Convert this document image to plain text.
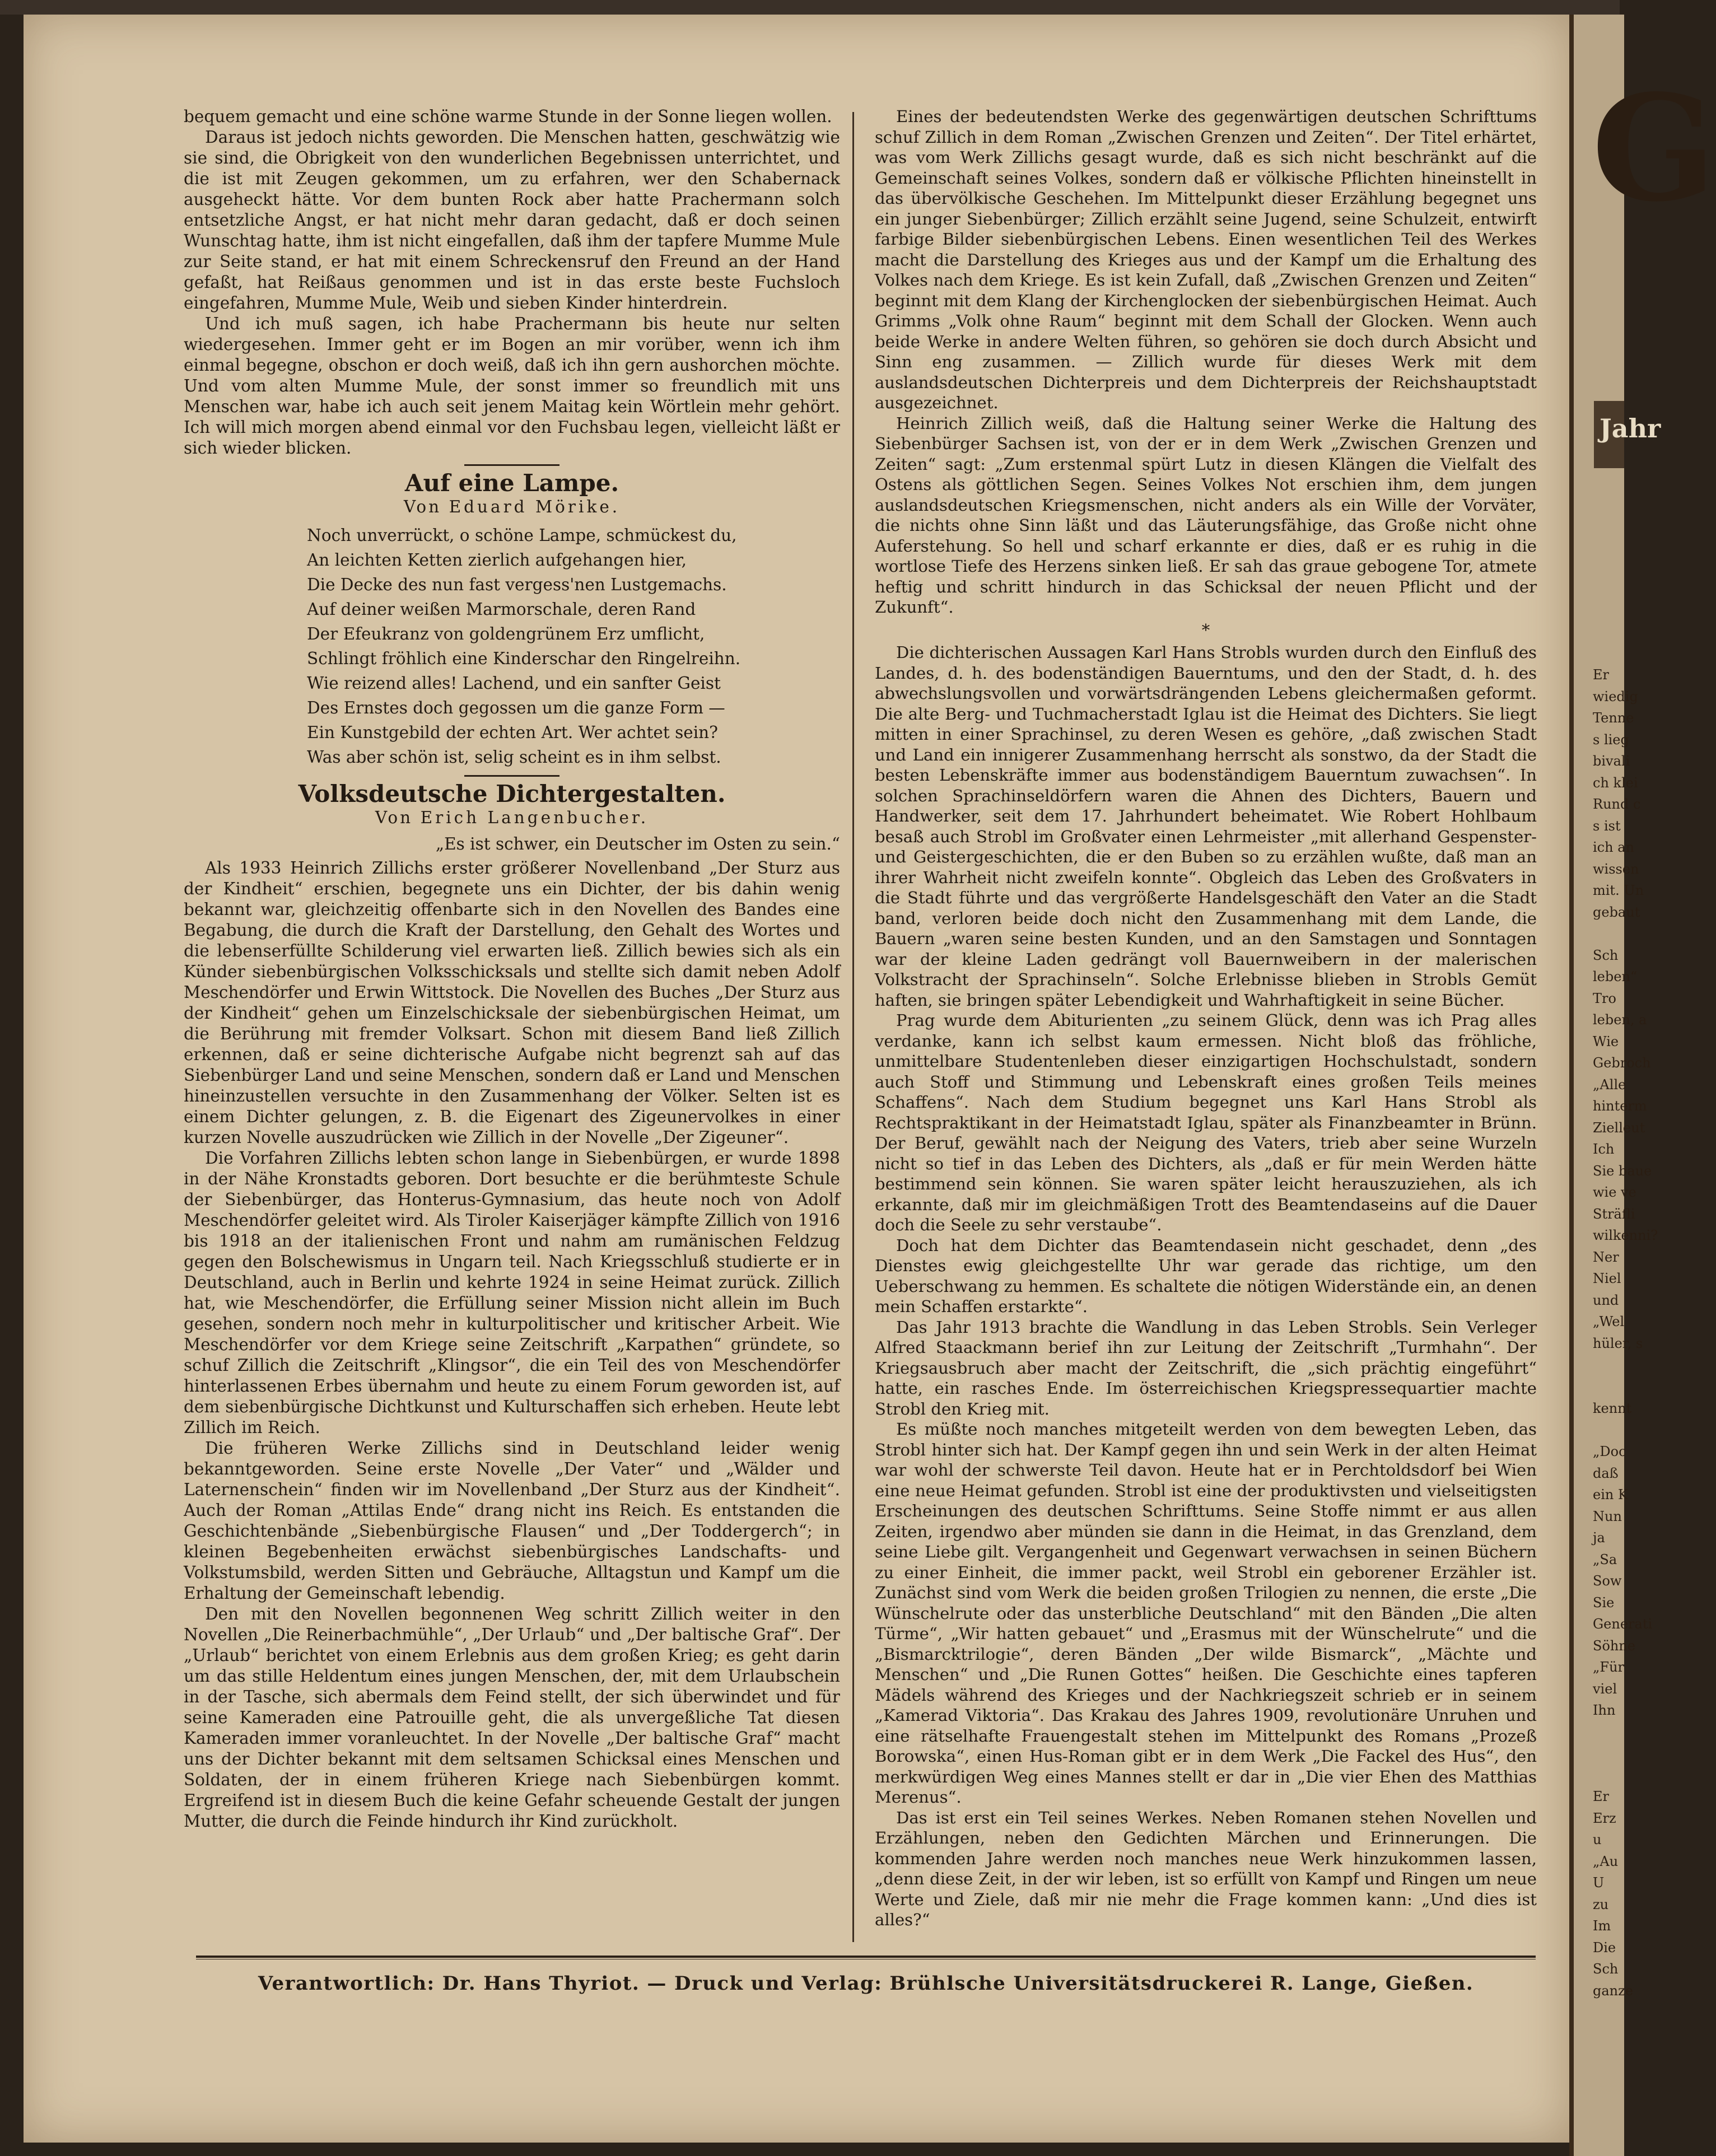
G
Jahr
Er
wiedig
Tenne
s lieg
bivali
ch klei
Rund c
s ist
ich an
wissen
mit. Un
gebaut
Sch
leben“
Tro
leben, a
Wie
Gebroch
„Alle
hinterm
Zielleut
Ich
Sie baue
wie ve
Sträfli
wilkenni?
Ner
Niel
und
„Wel
hüler, s
kennt
„Doc
daß
ein K
Nun
ja
„Sa
Sow
Sie
Generati
Söhne
„Für
viel
Ihn
Er
Erz
u
„Au
U
zu
Im
Die
Sch
ganze

bequem gemacht und eine schöne warme Stunde in der Sonne liegen wollen.

Daraus ist jedoch nichts geworden. Die Menschen hatten, geschwätzig wie sie sind, die Obrigkeit von den wunderlichen Begebnissen unterrichtet, und die ist mit Zeugen gekommen, um zu erfahren, wer den Schabernack ausgeheckt hätte. Vor dem bunten Rock aber hatte Prachermann solch entsetzliche Angst, er hat nicht mehr daran gedacht, daß er doch seinen Wunschtag hatte, ihm ist nicht eingefallen, daß ihm der tapfere Mumme Mule zur Seite stand, er hat mit einem Schreckensruf den Freund an der Hand gefaßt, hat Reißaus genommen und ist in das erste beste Fuchsloch eingefahren, Mumme Mule, Weib und sieben Kinder hinterdrein.

Und ich muß sagen, ich habe Prachermann bis heute nur selten wiedergesehen. Immer geht er im Bogen an mir vorüber, wenn ich ihm einmal begegne, obschon er doch weiß, daß ich ihn gern aushorchen möchte. Und vom alten Mumme Mule, der sonst immer so freundlich mit uns Menschen war, habe ich auch seit jenem Maitag kein Wörtlein mehr gehört. Ich will mich morgen abend einmal vor den Fuchsbau legen, vielleicht läßt er sich wieder blicken.

Auf eine Lampe.
Von Eduard Mörike.
Noch unverrückt, o schöne Lampe, schmückest du,
An leichten Ketten zierlich aufgehangen hier,
Die Decke des nun fast vergess'nen Lustgemachs.
Auf deiner weißen Marmorschale, deren Rand
Der Efeukranz von goldengrünem Erz umflicht,
Schlingt fröhlich eine Kinderschar den Ringelreihn.
Wie reizend alles! Lachend, und ein sanfter Geist
Des Ernstes doch gegossen um die ganze Form —
Ein Kunstgebild der echten Art. Wer achtet sein?
Was aber schön ist, selig scheint es in ihm selbst.
Volksdeutsche Dichtergestalten.
Von Erich Langenbucher.
„Es ist schwer, ein Deutscher im Osten zu sein.“

Als 1933 Heinrich Zillichs erster größerer Novellenband „Der Sturz aus der Kindheit“ erschien, begegnete uns ein Dichter, der bis dahin wenig bekannt war, gleichzeitig offenbarte sich in den Novellen des Bandes eine Begabung, die durch die Kraft der Darstellung, den Gehalt des Wortes und die lebenserfüllte Schilderung viel erwarten ließ. Zillich bewies sich als ein Künder siebenbürgischen Volksschicksals und stellte sich damit neben Adolf Meschendörfer und Erwin Wittstock. Die Novellen des Buches „Der Sturz aus der Kindheit“ gehen um Einzelschicksale der siebenbürgischen Heimat, um die Berührung mit fremder Volksart. Schon mit diesem Band ließ Zillich erkennen, daß er seine dichterische Aufgabe nicht begrenzt sah auf das Siebenbürger Land und seine Menschen, sondern daß er Land und Menschen hineinzustellen versuchte in den Zusammenhang der Völker. Selten ist es einem Dichter gelungen, z. B. die Eigenart des Zigeunervolkes in einer kurzen Novelle auszudrücken wie Zillich in der Novelle „Der Zigeuner“.

Die Vorfahren Zillichs lebten schon lange in Siebenbürgen, er wurde 1898 in der Nähe Kronstadts geboren. Dort besuchte er die berühmteste Schule der Siebenbürger, das Honterus-Gymnasium, das heute noch von Adolf Meschendörfer geleitet wird. Als Tiroler Kaiserjäger kämpfte Zillich von 1916 bis 1918 an der italienischen Front und nahm am rumänischen Feldzug gegen den Bolschewismus in Ungarn teil. Nach Kriegsschluß studierte er in Deutschland, auch in Berlin und kehrte 1924 in seine Heimat zurück. Zillich hat, wie Meschendörfer, die Erfüllung seiner Mission nicht allein im Buch gesehen, sondern noch mehr in kulturpolitischer und kritischer Arbeit. Wie Meschendörfer vor dem Kriege seine Zeitschrift „Karpathen“ gründete, so schuf Zillich die Zeitschrift „Klingsor“, die ein Teil des von Meschendörfer hinterlassenen Erbes übernahm und heute zu einem Forum geworden ist, auf dem siebenbürgische Dichtkunst und Kulturschaffen sich erheben. Heute lebt Zillich im Reich.

Die früheren Werke Zillichs sind in Deutschland leider wenig bekanntgeworden. Seine erste Novelle „Der Vater“ und „Wälder und Laternenschein“ finden wir im Novellenband „Der Sturz aus der Kindheit“. Auch der Roman „Attilas Ende“ drang nicht ins Reich. Es entstanden die Geschichtenbände „Siebenbürgische Flausen“ und „Der Toddergerch“; in kleinen Begebenheiten erwächst siebenbürgisches Landschafts- und Volkstumsbild, werden Sitten und Gebräuche, Alltagstun und Kampf um die Erhaltung der Gemeinschaft lebendig.

Den mit den Novellen begonnenen Weg schritt Zillich weiter in den Novellen „Die Reinerbachmühle“, „Der Urlaub“ und „Der baltische Graf“. Der „Urlaub“ berichtet von einem Erlebnis aus dem großen Krieg; es geht darin um das stille Heldentum eines jungen Menschen, der, mit dem Urlaubschein in der Tasche, sich abermals dem Feind stellt, der sich überwindet und für seine Kameraden eine Patrouille geht, die als unvergeßliche Tat diesen Kameraden immer voranleuchtet. In der Novelle „Der baltische Graf“ macht uns der Dichter bekannt mit dem seltsamen Schicksal eines Menschen und Soldaten, der in einem früheren Kriege nach Siebenbürgen kommt. Ergreifend ist in diesem Buch die keine Gefahr scheuende Gestalt der jungen Mutter, die durch die Feinde hindurch ihr Kind zurückholt.

Eines der bedeutendsten Werke des gegenwärtigen deutschen Schrifttums schuf Zillich in dem Roman „Zwischen Grenzen und Zeiten“. Der Titel erhärtet, was vom Werk Zillichs gesagt wurde, daß es sich nicht beschränkt auf die Gemeinschaft seines Volkes, sondern daß er völkische Pflichten hineinstellt in das übervölkische Geschehen. Im Mittelpunkt dieser Erzählung begegnet uns ein junger Siebenbürger; Zillich erzählt seine Jugend, seine Schulzeit, entwirft farbige Bilder siebenbürgischen Lebens. Einen wesentlichen Teil des Werkes macht die Darstellung des Krieges aus und der Kampf um die Erhaltung des Volkes nach dem Kriege. Es ist kein Zufall, daß „Zwischen Grenzen und Zeiten“ beginnt mit dem Klang der Kirchenglocken der siebenbürgischen Heimat. Auch Grimms „Volk ohne Raum“ beginnt mit dem Schall der Glocken. Wenn auch beide Werke in andere Welten führen, so gehören sie doch durch Absicht und Sinn eng zusammen. — Zillich wurde für dieses Werk mit dem auslandsdeutschen Dichterpreis und dem Dichterpreis der Reichshauptstadt ausgezeichnet.

Heinrich Zillich weiß, daß die Haltung seiner Werke die Haltung des Siebenbürger Sachsen ist, von der er in dem Werk „Zwischen Grenzen und Zeiten“ sagt: „Zum erstenmal spürt Lutz in diesen Klängen die Vielfalt des Ostens als göttlichen Segen. Seines Volkes Not erschien ihm, dem jungen auslandsdeutschen Kriegsmenschen, nicht anders als ein Wille der Vorväter, die nichts ohne Sinn läßt und das Läuterungsfähige, das Große nicht ohne Auferstehung. So hell und scharf erkannte er dies, daß er es ruhig in die wortlose Tiefe des Herzens sinken ließ. Er sah das graue gebogene Tor, atmete heftig und schritt hindurch in das Schicksal der neuen Pflicht und der Zukunft“.

*

Die dichterischen Aussagen Karl Hans Strobls wurden durch den Einfluß des Landes, d. h. des bodenständigen Bauerntums, und den der Stadt, d. h. des abwechslungsvollen und vorwärtsdrängenden Lebens gleichermaßen geformt. Die alte Berg- und Tuchmacherstadt Iglau ist die Heimat des Dichters. Sie liegt mitten in einer Sprachinsel, zu deren Wesen es gehöre, „daß zwischen Stadt und Land ein innigerer Zusammenhang herrscht als sonstwo, da der Stadt die besten Lebenskräfte immer aus bodenständigem Bauerntum zuwachsen“. In solchen Sprachinseldörfern waren die Ahnen des Dichters, Bauern und Handwerker, seit dem 17. Jahrhundert beheimatet. Wie Robert Hohlbaum besaß auch Strobl im Großvater einen Lehrmeister „mit allerhand Gespenster- und Geistergeschichten, die er den Buben so zu erzählen wußte, daß man an ihrer Wahrheit nicht zweifeln konnte“. Obgleich das Leben des Großvaters in die Stadt führte und das vergrößerte Handelsgeschäft den Vater an die Stadt band, verloren beide doch nicht den Zusammenhang mit dem Lande, die Bauern „waren seine besten Kunden, und an den Samstagen und Sonntagen war der kleine Laden gedrängt voll Bauernweibern in der malerischen Volkstracht der Sprachinseln“. Solche Erlebnisse blieben in Strobls Gemüt haften, sie bringen später Lebendigkeit und Wahrhaftigkeit in seine Bücher.

Prag wurde dem Abiturienten „zu seinem Glück, denn was ich Prag alles verdanke, kann ich selbst kaum ermessen. Nicht bloß das fröhliche, unmittelbare Studentenleben dieser einzigartigen Hochschulstadt, sondern auch Stoff und Stimmung und Lebenskraft eines großen Teils meines Schaffens“. Nach dem Studium begegnet uns Karl Hans Strobl als Rechtspraktikant in der Heimatstadt Iglau, später als Finanzbeamter in Brünn. Der Beruf, gewählt nach der Neigung des Vaters, trieb aber seine Wurzeln nicht so tief in das Leben des Dichters, als „daß er für mein Werden hätte bestimmend sein können. Sie waren später leicht herauszuziehen, als ich erkannte, daß mir im gleichmäßigen Trott des Beamtendaseins auf die Dauer doch die Seele zu sehr verstaube“.

Doch hat dem Dichter das Beamtendasein nicht geschadet, denn „des Dienstes ewig gleichgestellte Uhr war gerade das richtige, um den Ueberschwang zu hemmen. Es schaltete die nötigen Widerstände ein, an denen mein Schaffen erstarkte“.

Das Jahr 1913 brachte die Wandlung in das Leben Strobls. Sein Verleger Alfred Staackmann berief ihn zur Leitung der Zeitschrift „Turmhahn“. Der Kriegsausbruch aber macht der Zeitschrift, die „sich prächtig eingeführt“ hatte, ein rasches Ende. Im österreichischen Kriegspressequartier machte Strobl den Krieg mit.

Es müßte noch manches mitgeteilt werden von dem bewegten Leben, das Strobl hinter sich hat. Der Kampf gegen ihn und sein Werk in der alten Heimat war wohl der schwerste Teil davon. Heute hat er in Perchtoldsdorf bei Wien eine neue Heimat gefunden. Strobl ist eine der produktivsten und vielseitigsten Erscheinungen des deutschen Schrifttums. Seine Stoffe nimmt er aus allen Zeiten, irgendwo aber münden sie dann in die Heimat, in das Grenzland, dem seine Liebe gilt. Vergangenheit und Gegenwart verwachsen in seinen Büchern zu einer Einheit, die immer packt, weil Strobl ein geborener Erzähler ist. Zunächst sind vom Werk die beiden großen Trilogien zu nennen, die erste „Die Wünschelrute oder das unsterbliche Deutschland“ mit den Bänden „Die alten Türme“, „Wir hatten gebauet“ und „Erasmus mit der Wünschelrute“ und die „Bismarcktrilogie“, deren Bänden „Der wilde Bismarck“, „Mächte und Menschen“ und „Die Runen Gottes“ heißen. Die Geschichte eines tapferen Mädels während des Krieges und der Nachkriegszeit schrieb er in seinem „Kamerad Viktoria“. Das Krakau des Jahres 1909, revolutionäre Unruhen und eine rätselhafte Frauengestalt stehen im Mittelpunkt des Romans „Prozeß Borowska“, einen Hus-Roman gibt er in dem Werk „Die Fackel des Hus“, den merkwürdigen Weg eines Mannes stellt er dar in „Die vier Ehen des Matthias Merenus“.

Das ist erst ein Teil seines Werkes. Neben Romanen stehen Novellen und Erzählungen, neben den Gedichten Märchen und Erinnerungen. Die kommenden Jahre werden noch manches neue Werk hinzukommen lassen, „denn diese Zeit, in der wir leben, ist so erfüllt von Kampf und Ringen um neue Werte und Ziele, daß mir nie mehr die Frage kommen kann: „Und dies ist alles?“

Verantwortlich: Dr. Hans Thyriot. — Druck und Verlag: Brühlsche Universitätsdruckerei R. Lange, Gießen.
